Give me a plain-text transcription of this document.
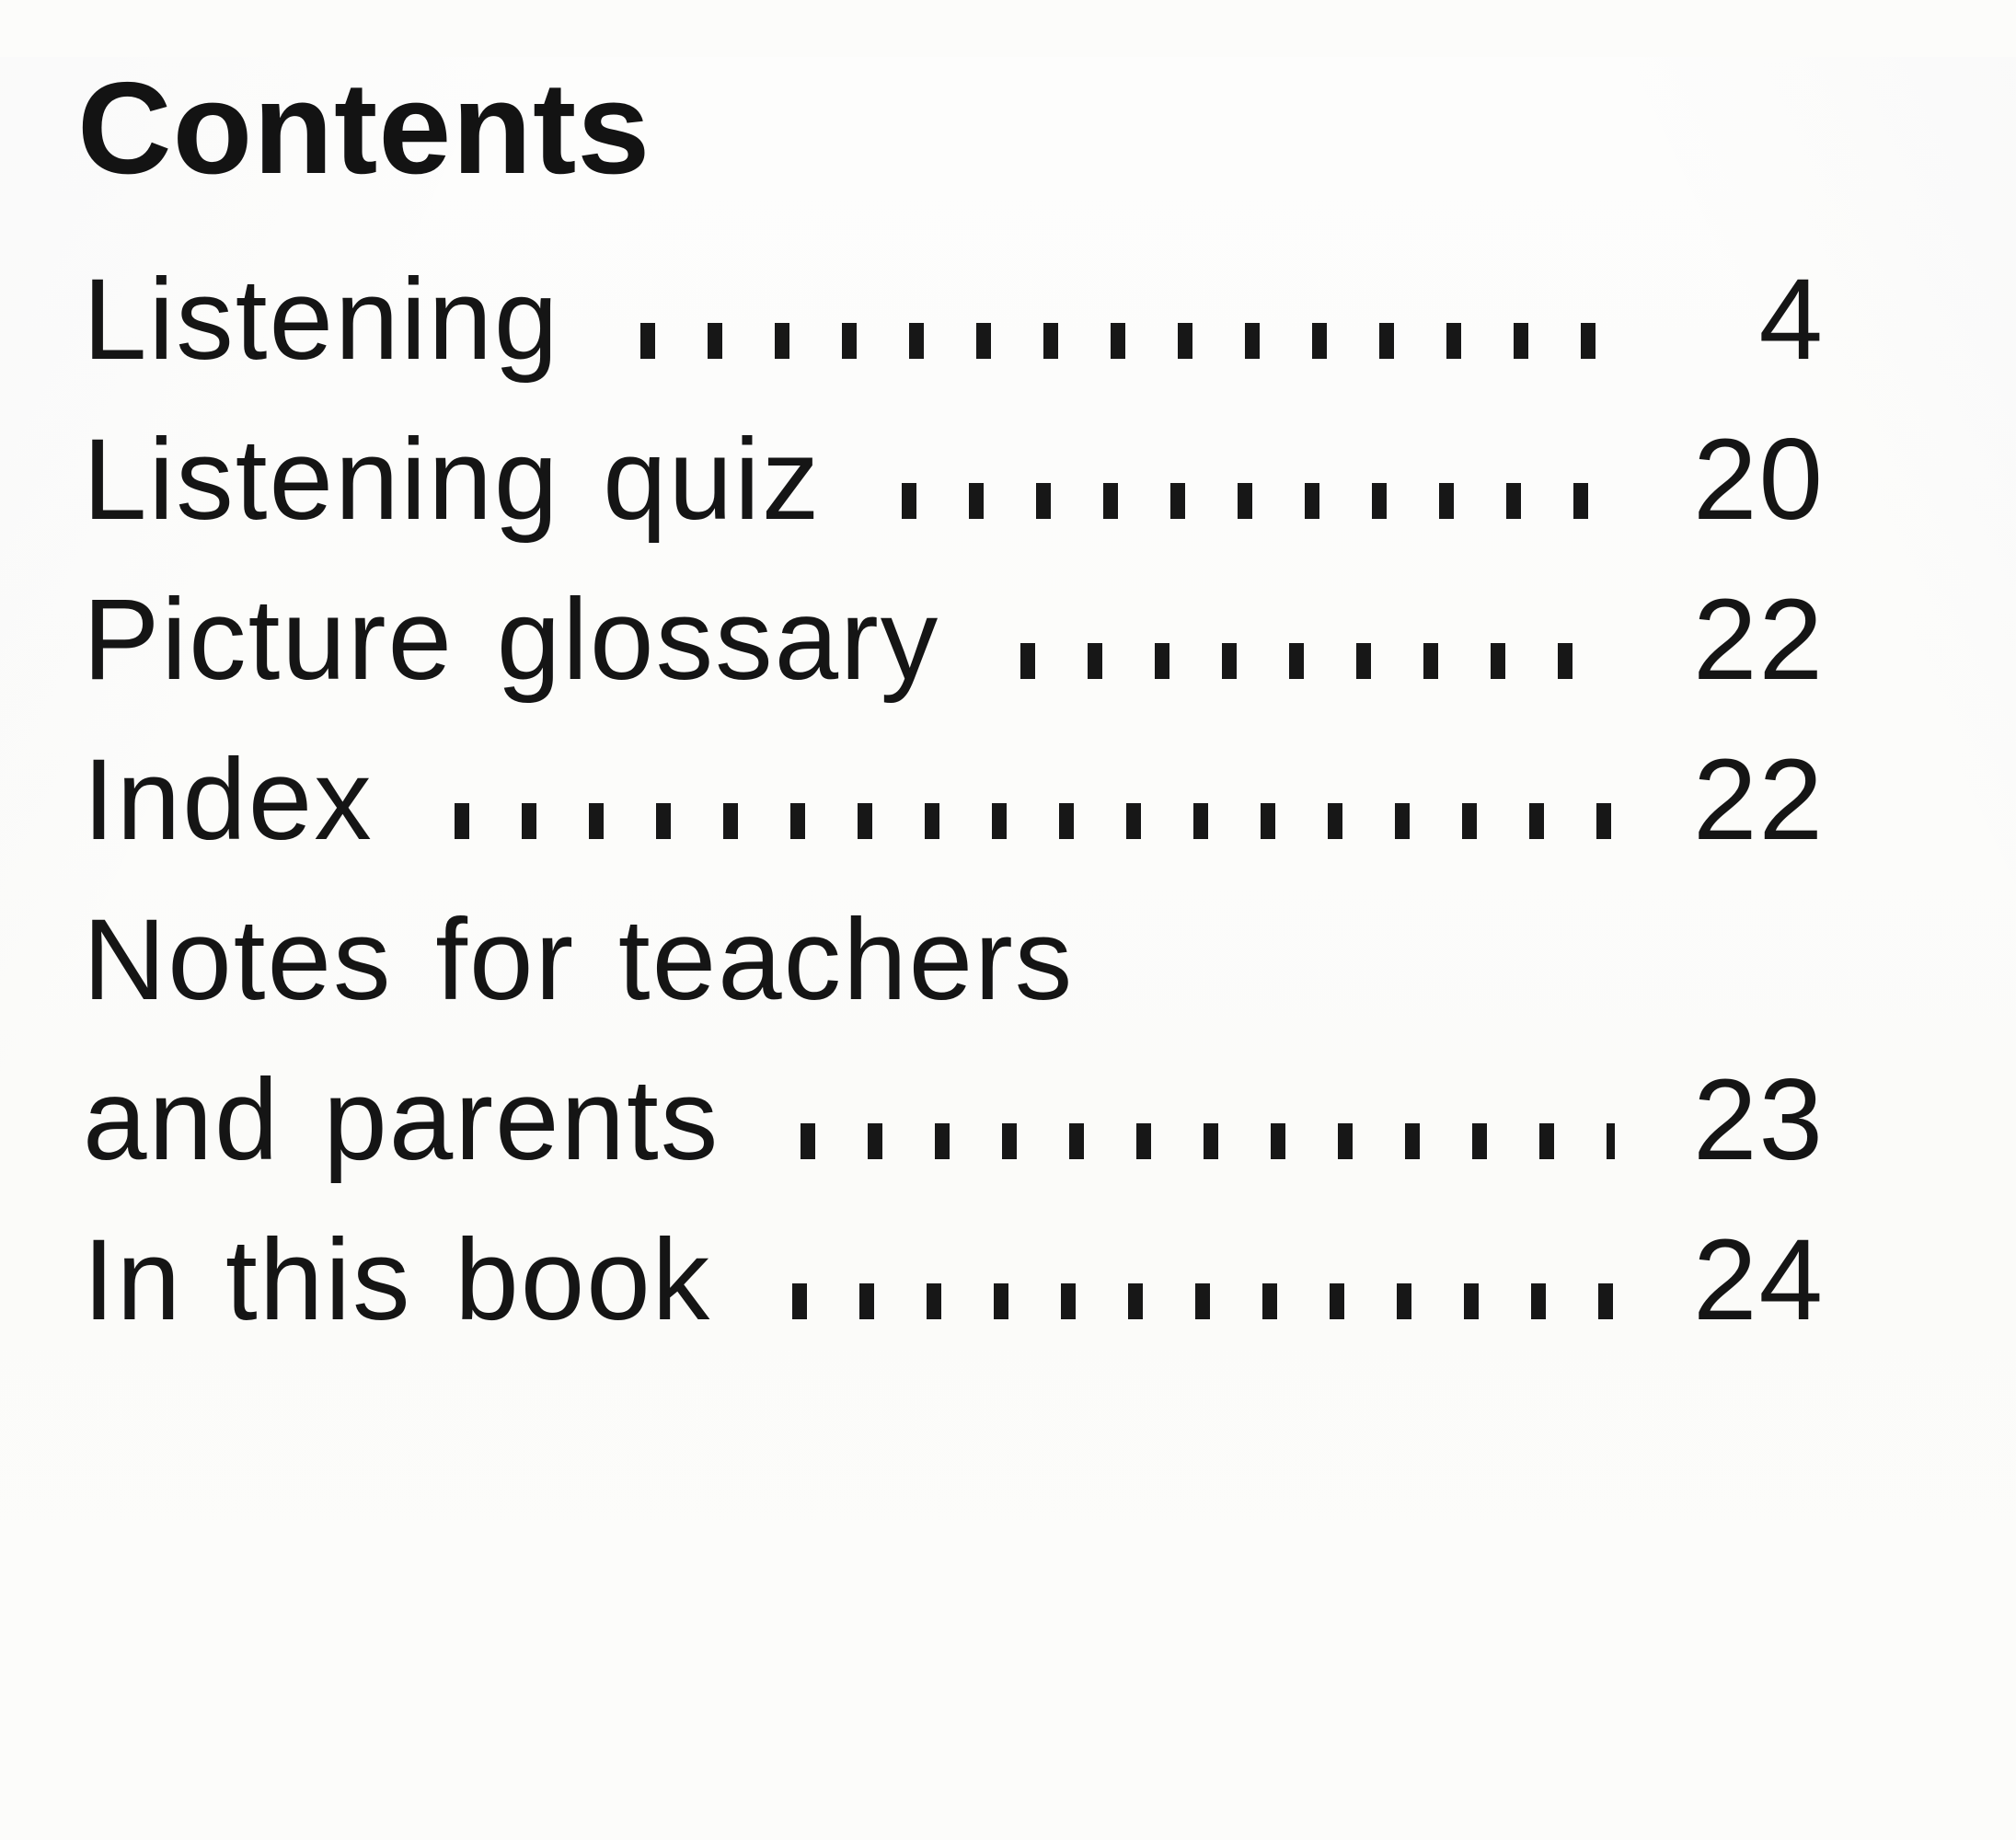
Contents
Listening	4
Listening quiz	20
Picture glossary	22
Index	22
Notes for teachers
and parents	23
In this book	24
